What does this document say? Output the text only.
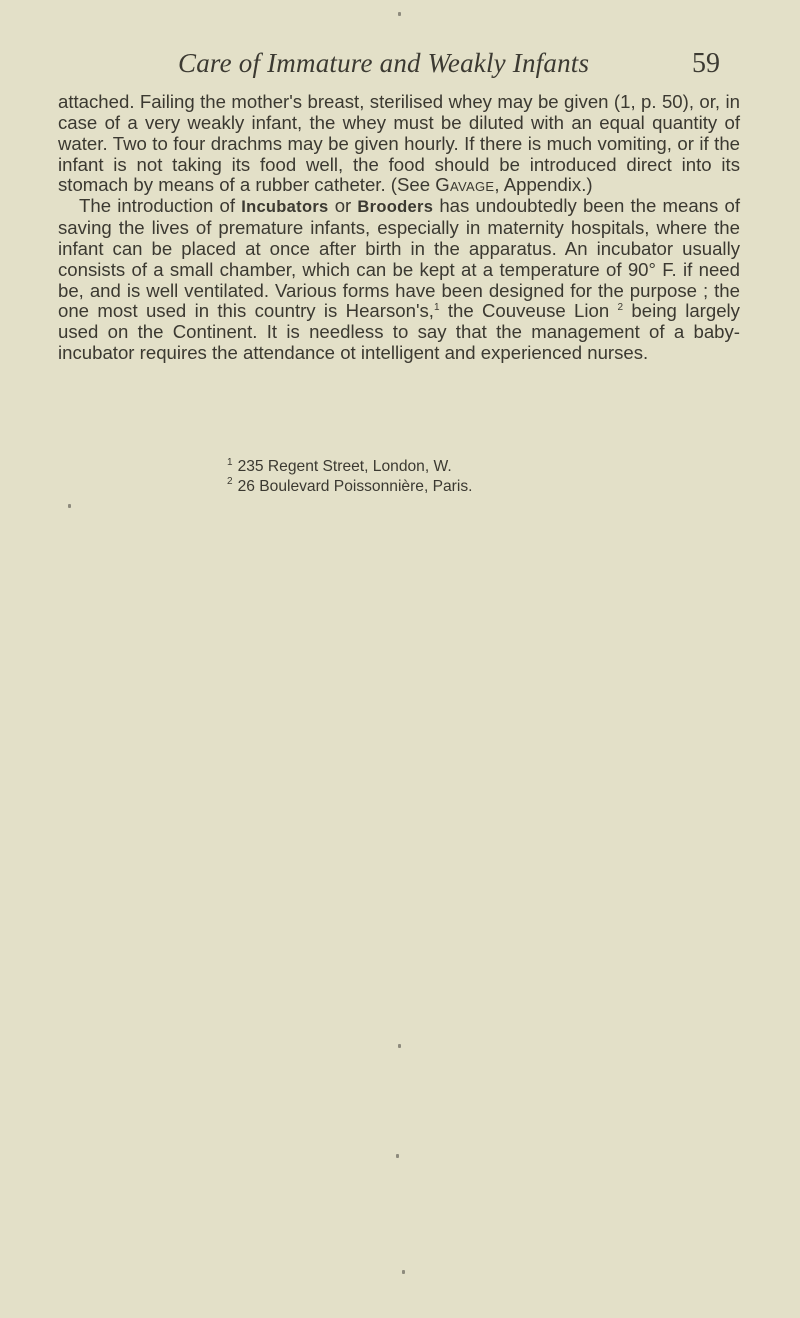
Care of Immature and Weakly Infants	59

attached. Failing the mother's breast, sterilised whey may be given (1, p. 50), or, in case of a very weakly infant, the whey must be diluted with an equal quantity of water. Two to four drachms may be given hourly. If there is much vomiting, or if the infant is not taking its food well, the food should be introduced direct into its stomach by means of a rubber catheter. (See Gavage, Appendix.)

The introduction of Incubators or Brooders has undoubtedly been the means of saving the lives of premature infants, especially in maternity hospitals, where the infant can be placed at once after birth in the apparatus. An incubator usually consists of a small chamber, which can be kept at a temperature of 90° F. if need be, and is well ventilated. Various forms have been designed for the purpose ; the one most used in this country is Hearson's,$^1$ the Couveuse Lion $^2$ being largely used on the Continent. It is needless to say that the management of a baby-incubator requires the attendance ot intelligent and experienced nurses.

$^1$ 235 Regent Street, London, W.

$^2$ 26 Boulevard Poissonnière, Paris.
